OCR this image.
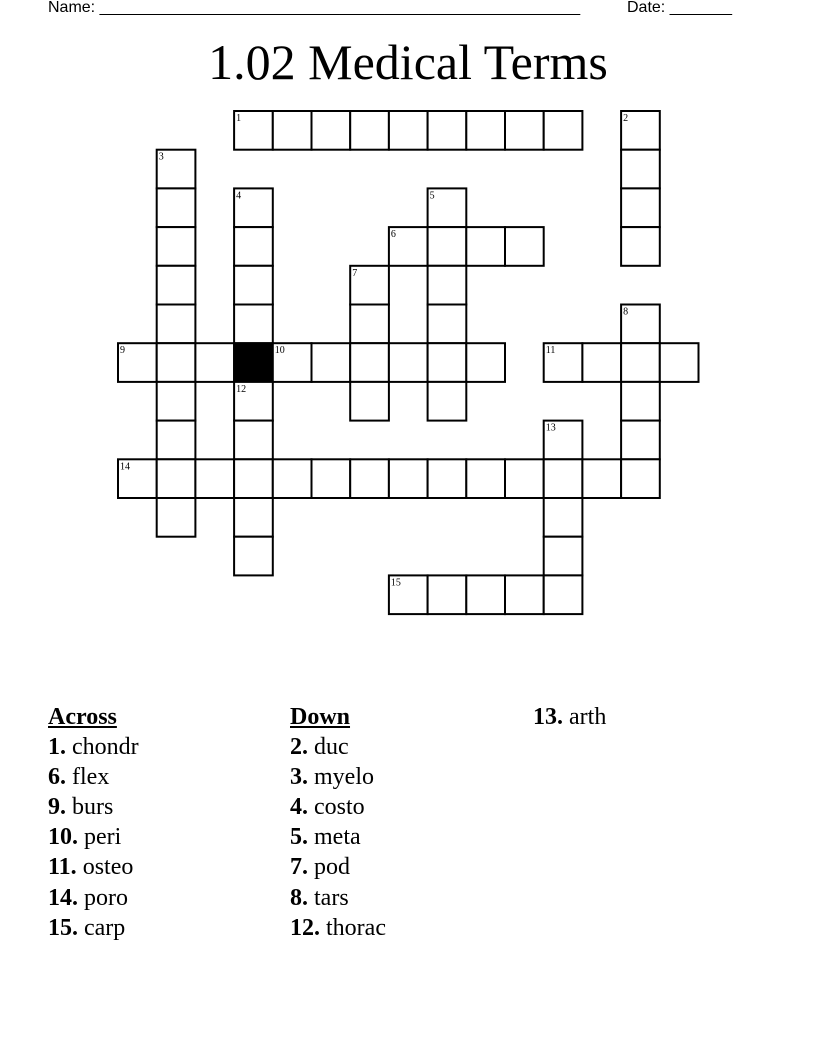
Name: ______________________________________________________	Date: _______
1.02 Medical Terms
1	2
3
4	5
6
7
8
9	10	11
12
13
14
15
Across
1. chondr
6. flex
9. burs
10. peri
11. osteo
14. poro
15. carp
Down
2. duc
3. myelo
4. costo
5. meta
7. pod
8. tars
12. thorac
13. arth
